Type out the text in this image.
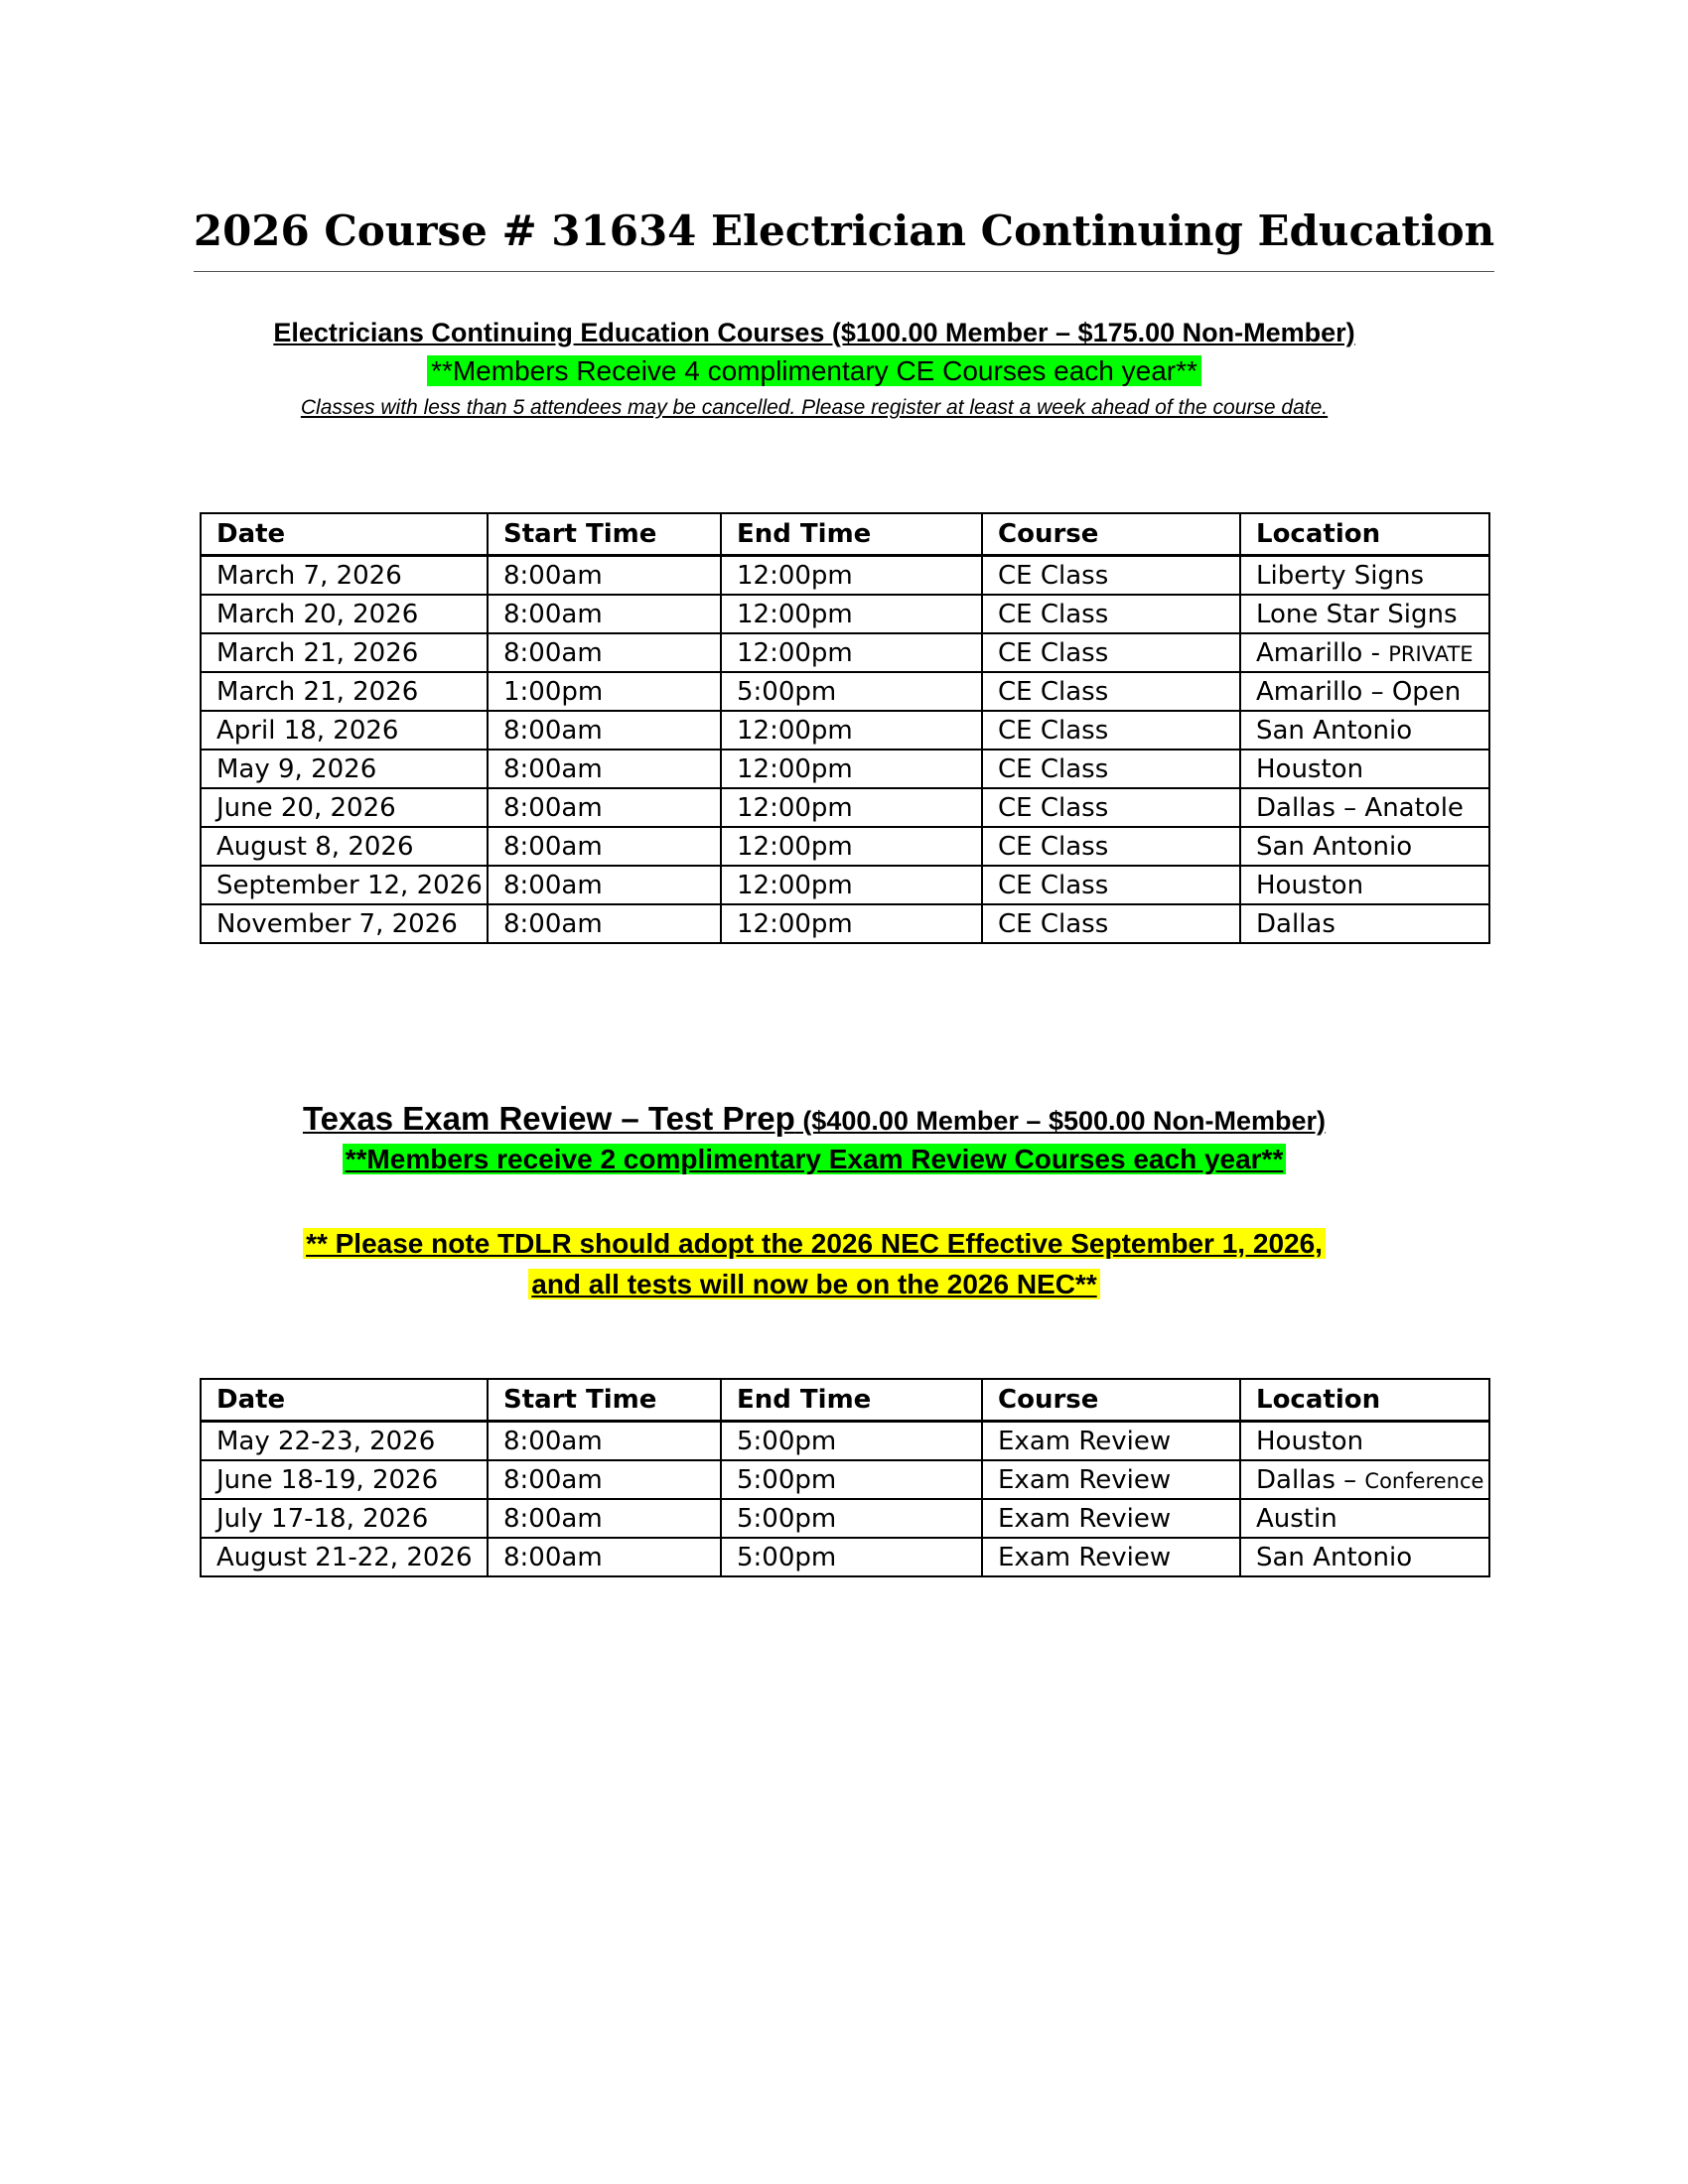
2026 Course # 31634 Electrician Continuing Education
Electricians Continuing Education Courses ($100.00 Member – $175.00 Non-Member)
**Members Receive 4 complimentary CE Courses each year**
Classes with less than 5 attendees may be cancelled. Please register at least a week ahead of the course date.
Date	Start Time	End Time	Course	Location
March 7, 2026	8:00am	12:00pm	CE Class	Liberty Signs
March 20, 2026	8:00am	12:00pm	CE Class	Lone Star Signs
March 21, 2026	8:00am	12:00pm	CE Class	Amarillo - PRIVATE
March 21, 2026	1:00pm	5:00pm	CE Class	Amarillo – Open
April 18, 2026	8:00am	12:00pm	CE Class	San Antonio
May 9, 2026	8:00am	12:00pm	CE Class	Houston
June 20, 2026	8:00am	12:00pm	CE Class	Dallas – Anatole
August 8, 2026	8:00am	12:00pm	CE Class	San Antonio
September 12, 2026	8:00am	12:00pm	CE Class	Houston
November 7, 2026	8:00am	12:00pm	CE Class	Dallas
Texas Exam Review – Test Prep ($400.00 Member – $500.00 Non-Member)
**Members receive 2 complimentary Exam Review Courses each year**
** Please note TDLR should adopt the 2026 NEC Effective September 1, 2026,
and all tests will now be on the 2026 NEC**
Date	Start Time	End Time	Course	Location
May 22-23, 2026	8:00am	5:00pm	Exam Review	Houston
June 18-19, 2026	8:00am	5:00pm	Exam Review	Dallas – Conference
July 17-18, 2026	8:00am	5:00pm	Exam Review	Austin
August 21-22, 2026	8:00am	5:00pm	Exam Review	San Antonio
